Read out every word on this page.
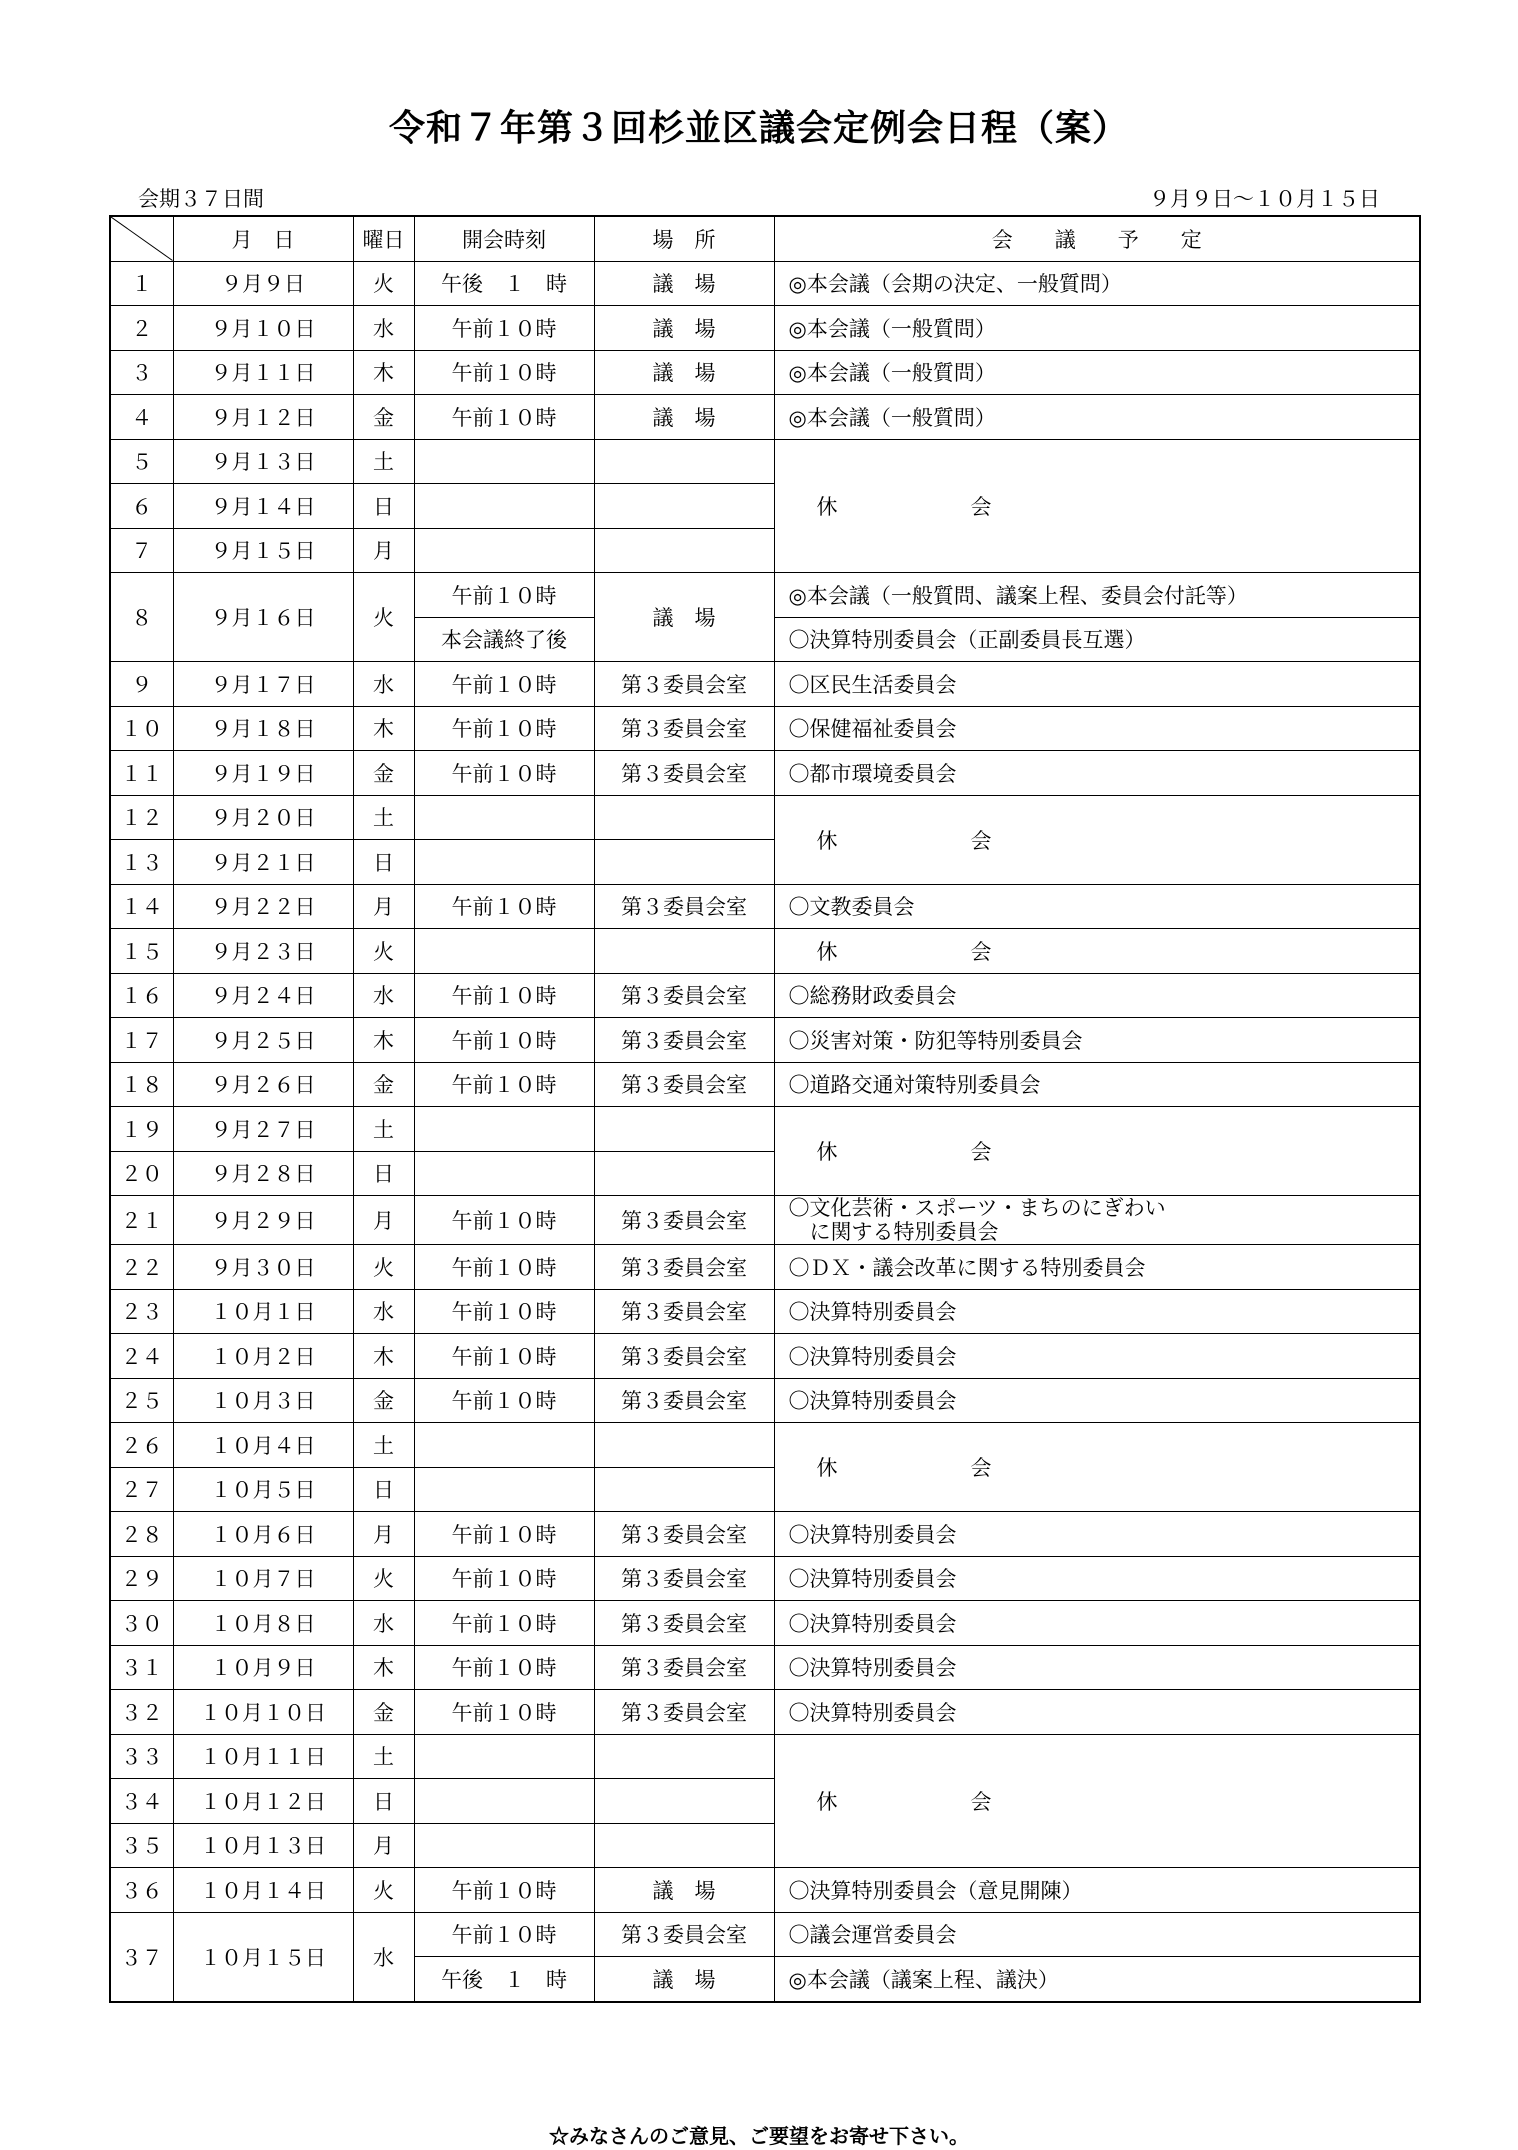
令和７年第３回杉並区議会定例会日程（案）
会期３７日間	９月９日～１０月１５日
	月　日	曜日	開会時刻	場　所	会　　議　　予　　定
１	９月９日	火	午後　１　時	議　場	◎本会議（会期の決定、一般質問）
２	９月１０日	水	午前１０時	議　場	◎本会議（一般質問）
３	９月１１日	木	午前１０時	議　場	◎本会議（一般質問）
４	９月１２日	金	午前１０時	議　場	◎本会議（一般質問）
５	９月１３日	土			休 会

６	９月１４日	日			
７	９月１５日	月			
８	９月１６日	火	午前１０時	議　場	◎本会議（一般質問、議案上程、委員会付託等）
			本会議終了後		〇決算特別委員会（正副委員長互選）
９	９月１７日	水	午前１０時	第３委員会室	〇区民生活委員会
１０	９月１８日	木	午前１０時	第３委員会室	〇保健福祉委員会
１１	９月１９日	金	午前１０時	第３委員会室	〇都市環境委員会
１２	９月２０日	土			休 会

１３	９月２１日	日			
１４	９月２２日	月	午前１０時	第３委員会室	〇文教委員会
１５	９月２３日	火			休 会

１６	９月２４日	水	午前１０時	第３委員会室	〇総務財政委員会
１７	９月２５日	木	午前１０時	第３委員会室	〇災害対策・防犯等特別委員会
１８	９月２６日	金	午前１０時	第３委員会室	〇道路交通対策特別委員会
１９	９月２７日	土			休 会

２０	９月２８日	日			
２１	９月２９日	月	午前１０時	第３委員会室	〇文化芸術・スポーツ・まちのにぎわい
　に関する特別委員会

２２	９月３０日	火	午前１０時	第３委員会室	〇ＤＸ・議会改革に関する特別委員会
２３	１０月１日	水	午前１０時	第３委員会室	〇決算特別委員会
２４	１０月２日	木	午前１０時	第３委員会室	〇決算特別委員会
２５	１０月３日	金	午前１０時	第３委員会室	〇決算特別委員会
２６	１０月４日	土			休 会

２７	１０月５日	日			
２８	１０月６日	月	午前１０時	第３委員会室	〇決算特別委員会
２９	１０月７日	火	午前１０時	第３委員会室	〇決算特別委員会
３０	１０月８日	水	午前１０時	第３委員会室	〇決算特別委員会
３１	１０月９日	木	午前１０時	第３委員会室	〇決算特別委員会
３２	１０月１０日	金	午前１０時	第３委員会室	〇決算特別委員会
３３	１０月１１日	土			休 会

３４	１０月１２日	日			
３５	１０月１３日	月			
３６	１０月１４日	火	午前１０時	議　場	〇決算特別委員会（意見開陳）
３７	１０月１５日	水	午前１０時	第３委員会室	〇議会運営委員会
			午後　１　時	議　場	◎本会議（議案上程、議決）
☆みなさんのご意見、ご要望をお寄せ下さい。
